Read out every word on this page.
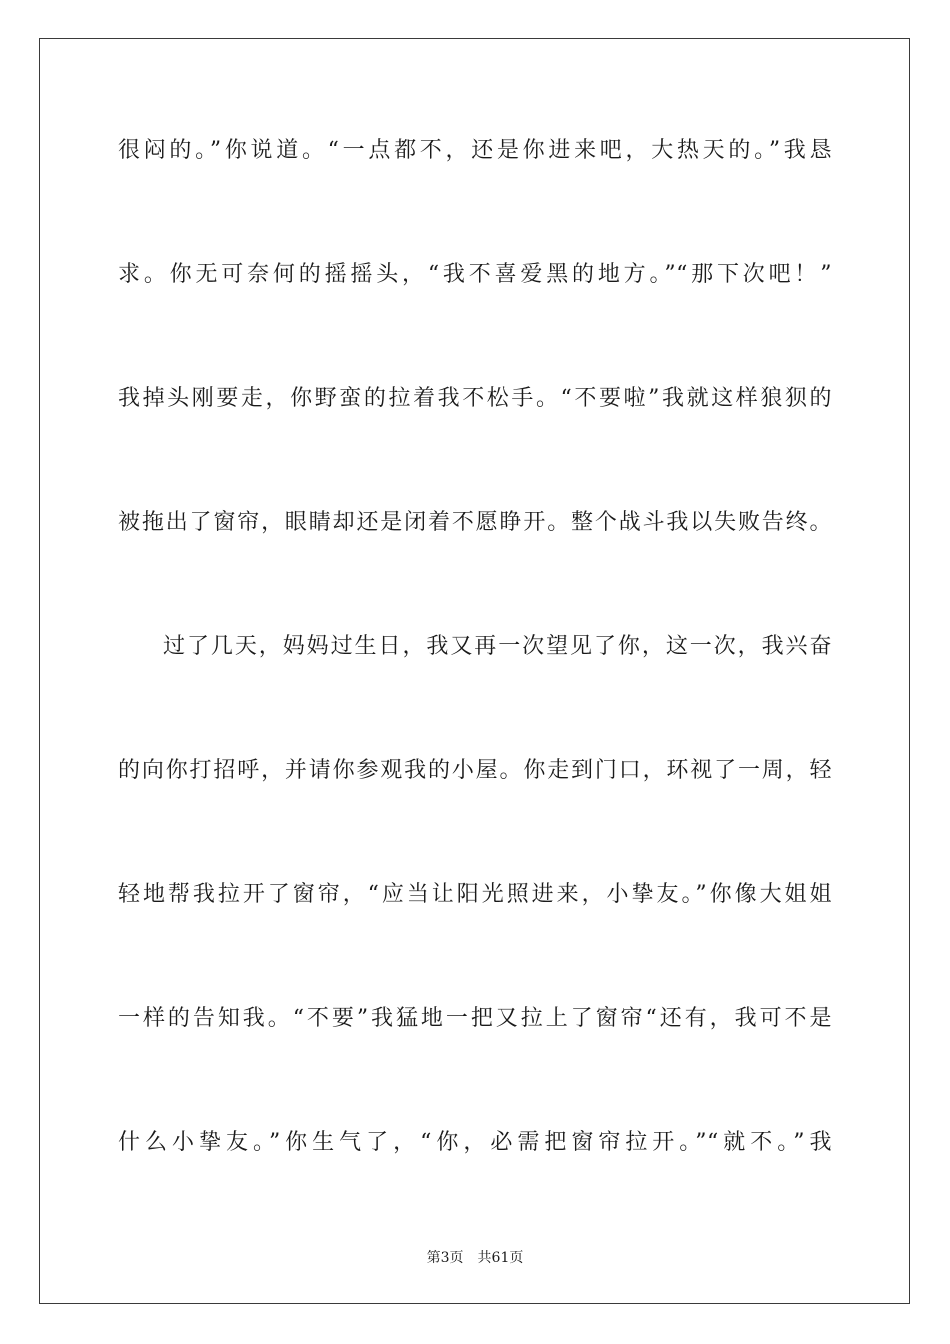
很闷的。”你说道。“一点都不，还是你进来吧，大热天的。”我恳
求。你无可奈何的摇摇头，“我不喜爱黑的地方。”“那下次吧！”
我掉头刚要走，你野蛮的拉着我不松手。“不要啦”我就这样狼狈的
被拖出了窗帘，眼睛却还是闭着不愿睁开。整个战斗我以失败告终。
过了几天，妈妈过生日，我又再一次望见了你，这一次，我兴奋
的向你打招呼，并请你参观我的小屋。你走到门口，环视了一周，轻
轻地帮我拉开了窗帘，“应当让阳光照进来，小挚友。”你像大姐姐
一样的告知我。“不要”我猛地一把又拉上了窗帘“还有，我可不是
什么小挚友。”你生气了，“你，必需把窗帘拉开。”“就不。”我
第3页 共61页
